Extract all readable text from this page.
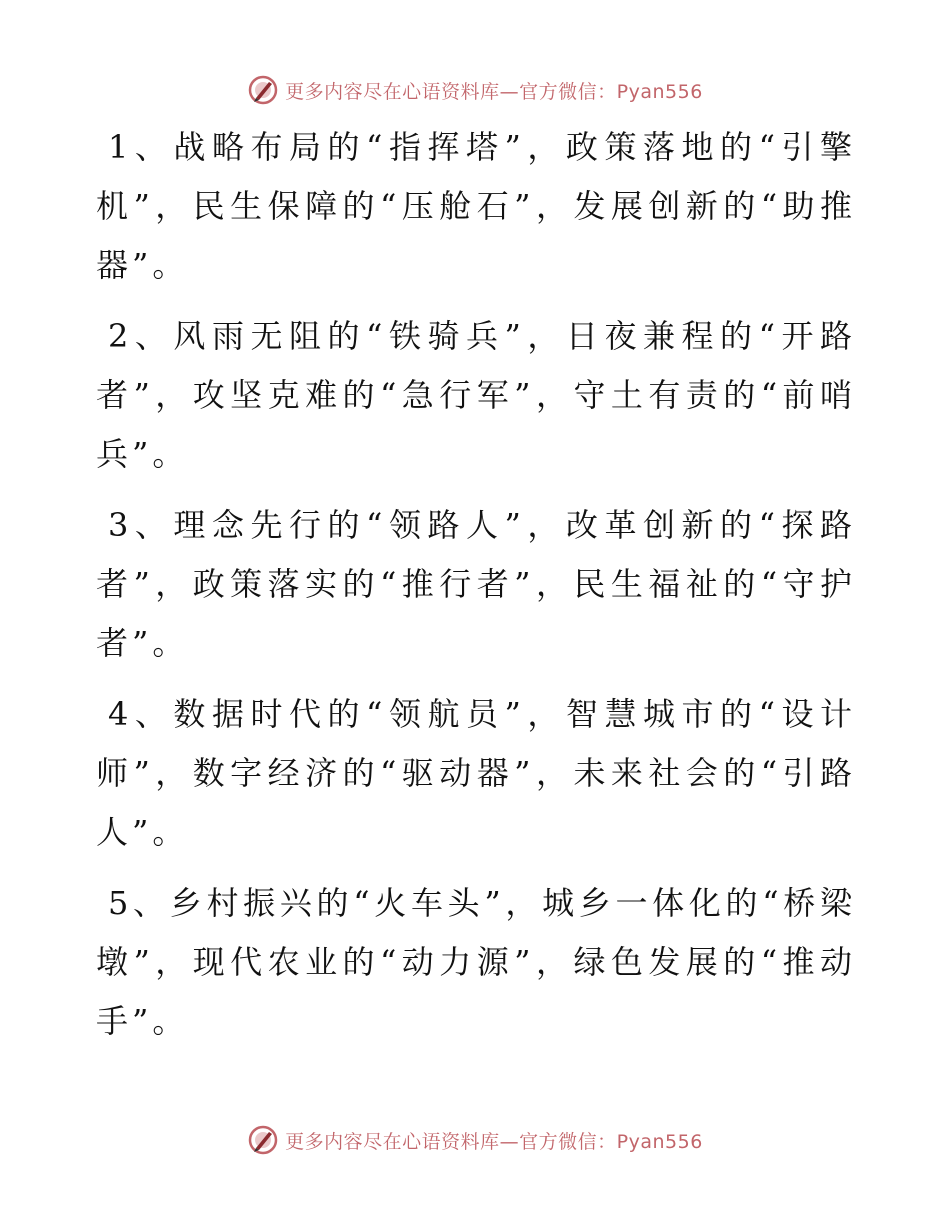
更多内容尽在心语资料库—官方微信：Pyan556

1、战略布局的“指挥塔”，政策落地的“引擎机”，民生保障的“压舱石”，发展创新的“助推器”。

2、风雨无阻的“铁骑兵”，日夜兼程的“开路者”，攻坚克难的“急行军”，守土有责的“前哨兵”。

3、理念先行的“领路人”，改革创新的“探路者”，政策落实的“推行者”，民生福祉的“守护者”。

4、数据时代的“领航员”，智慧城市的“设计师”，数字经济的“驱动器”，未来社会的“引路人”。

5、乡村振兴的“火车头”，城乡一体化的“桥梁墩”，现代农业的“动力源”，绿色发展的“推动手”。

更多内容尽在心语资料库—官方微信：Pyan556
